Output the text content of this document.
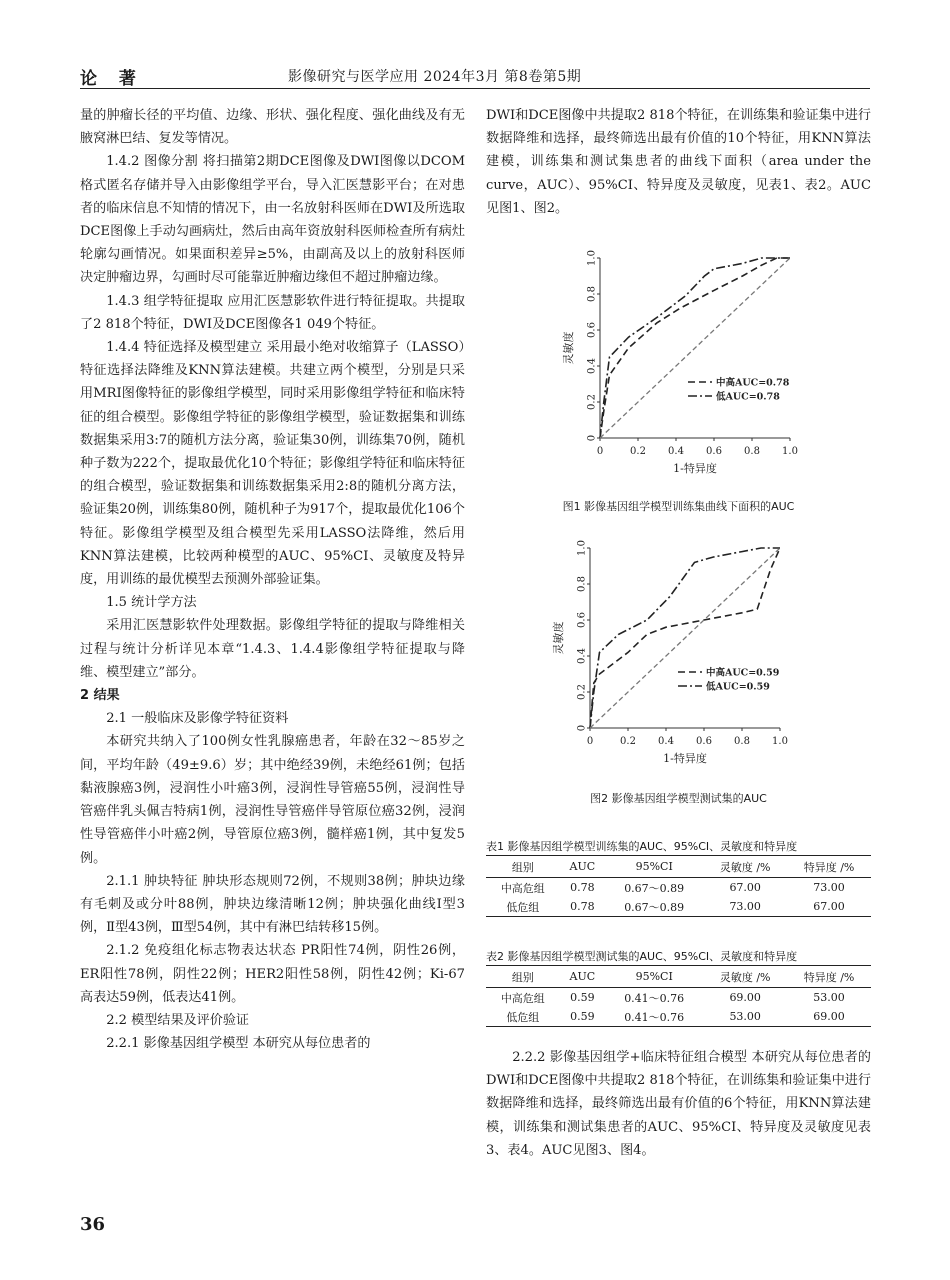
论 著	影像研究与医学应用 2024年3月 第8卷第5期

量的肿瘤长径的平均值、边缘、形状、强化程度、强化曲线及有无腋窝淋巴结、复发等情况。

1.4.2 图像分割 将扫描第2期DCE图像及DWI图像以DCOM格式匿名存储并导入由影像组学平台，导入汇医慧影平台；在对患者的临床信息不知情的情况下，由一名放射科医师在DWI及所选取DCE图像上手动勾画病灶，然后由高年资放射科医师检查所有病灶轮廓勾画情况。如果面积差异≥5%，由副高及以上的放射科医师决定肿瘤边界，勾画时尽可能靠近肿瘤边缘但不超过肿瘤边缘。

1.4.3 组学特征提取 应用汇医慧影软件进行特征提取。共提取了2 818个特征，DWI及DCE图像各1 049个特征。

1.4.4 特征选择及模型建立 采用最小绝对收缩算子（LASSO）特征选择法降维及KNN算法建模。共建立两个模型，分别是只采用MRI图像特征的影像组学模型，同时采用影像组学特征和临床特征的组合模型。影像组学特征的影像组学模型，验证数据集和训练数据集采用3:7的随机方法分离，验证集30例，训练集70例，随机种子数为222个，提取最优化10个特征；影像组学特征和临床特征的组合模型，验证数据集和训练数据集采用2:8的随机分离方法，验证集20例，训练集80例，随机种子为917个，提取最优化106个特征。影像组学模型及组合模型先采用LASSO法降维，然后用KNN算法建模，比较两种模型的AUC、95%CI、灵敏度及特异度，用训练的最优模型去预测外部验证集。

1.5 统计学方法

采用汇医慧影软件处理数据。影像组学特征的提取与降维相关过程与统计分析详见本章“1.4.3、1.4.4影像组学特征提取与降维、模型建立”部分。

2 结果

2.1 一般临床及影像学特征资料

本研究共纳入了100例女性乳腺癌患者，年龄在32～85岁之间，平均年龄（49±9.6）岁；其中绝经39例，未绝经61例；包括黏液腺癌3例，浸润性小叶癌3例，浸润性导管癌55例，浸润性导管癌伴乳头佩吉特病1例，浸润性导管癌伴导管原位癌32例，浸润性导管癌伴小叶癌2例，导管原位癌3例，髓样癌1例，其中复发5例。

2.1.1 肿块特征 肿块形态规则72例，不规则38例；肿块边缘有毛刺及或分叶88例，肿块边缘清晰12例；肿块强化曲线Ⅰ型3例，Ⅱ型43例，Ⅲ型54例，其中有淋巴结转移15例。

2.1.2 免疫组化标志物表达状态 PR阳性74例，阴性26例，ER阳性78例，阴性22例；HER2阳性58例，阴性42例；Ki-67 高表达59例，低表达41例。

2.2 模型结果及评价验证

2.2.1 影像基因组学模型 本研究从每位患者的

DWI和DCE图像中共提取2 818个特征，在训练集和验证集中进行数据降维和选择，最终筛选出最有价值的10个特征，用KNN算法建模，训练集和测试集患者的曲线下面积（area under the curve，AUC）、95%CI、特异度及灵敏度，见表1、表2。AUC见图1、图2。

0	0.2 0.4 0.6 0.8 1.0
0
0.2
0.4
0.6
0.8
1.0
1-特异度
灵敏度
中高AUC=0.78
低AUC=0.78
图1 影像基因组学模型训练集曲线下面积的AUC
0	0.2 0.4 0.6 0.8 1.0
0
0.2
0.4
0.6
0.8
1.0
1-特异度
灵敏度
中高AUC=0.59
低AUC=0.59
图2 影像基因组学模型测试集的AUC
表1 影像基因组学模型训练集的AUC、95%CI、灵敏度和特异度
组别	AUC	95%CI	灵敏度 /%	特异度 /%
中高危组	0.78	0.67～0.89	67.00	73.00
低危组	0.78	0.67～0.89	73.00	67.00
表2 影像基因组学模型测试集的AUC、95%CI、灵敏度和特异度
组别	AUC	95%CI	灵敏度 /%	特异度 /%
中高危组	0.59	0.41～0.76	69.00	53.00
低危组	0.59	0.41～0.76	53.00	69.00

2.2.2 影像基因组学+临床特征组合模型 本研究从每位患者的DWI和DCE图像中共提取2 818个特征，在训练集和验证集中进行数据降维和选择，最终筛选出最有价值的6个特征，用KNN算法建模，训练集和测试集患者的AUC、95%CI、特异度及灵敏度见表3、表4。AUC见图3、图4。

36
